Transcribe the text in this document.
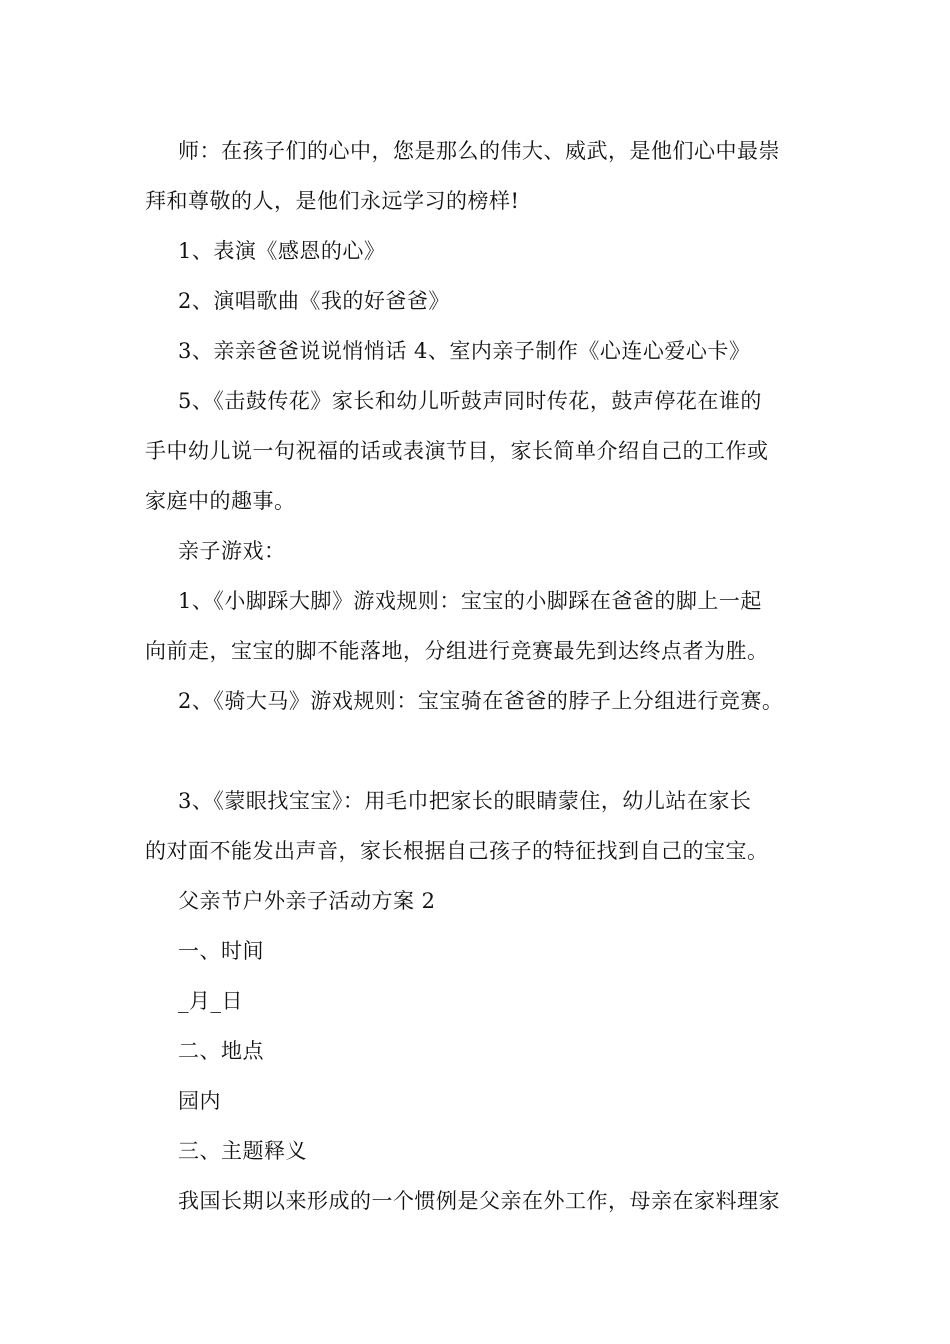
师：在孩子们的心中，您是那么的伟大、威武，是他们心中最崇
拜和尊敬的人，是他们永远学习的榜样!
1、表演《感恩的心》
2、演唱歌曲《我的好爸爸》
3、亲亲爸爸说说悄悄话 4、室内亲子制作《心连心爱心卡》
5、《击鼓传花》家长和幼儿听鼓声同时传花，鼓声停花在谁的
手中幼儿说一句祝福的话或表演节目，家长简单介绍自己的工作或
家庭中的趣事。
亲子游戏：
1、《小脚踩大脚》游戏规则：宝宝的小脚踩在爸爸的脚上一起
向前走，宝宝的脚不能落地，分组进行竞赛最先到达终点者为胜。
2、《骑大马》游戏规则：宝宝骑在爸爸的脖子上分组进行竞赛。
3、《蒙眼找宝宝》：用毛巾把家长的眼睛蒙住，幼儿站在家长
的对面不能发出声音，家长根据自己孩子的特征找到自己的宝宝。
父亲节户外亲子活动方案 2
一、时间
_月_日
二、地点
园内
三、主题释义
我国长期以来形成的一个惯例是父亲在外工作，母亲在家料理家
